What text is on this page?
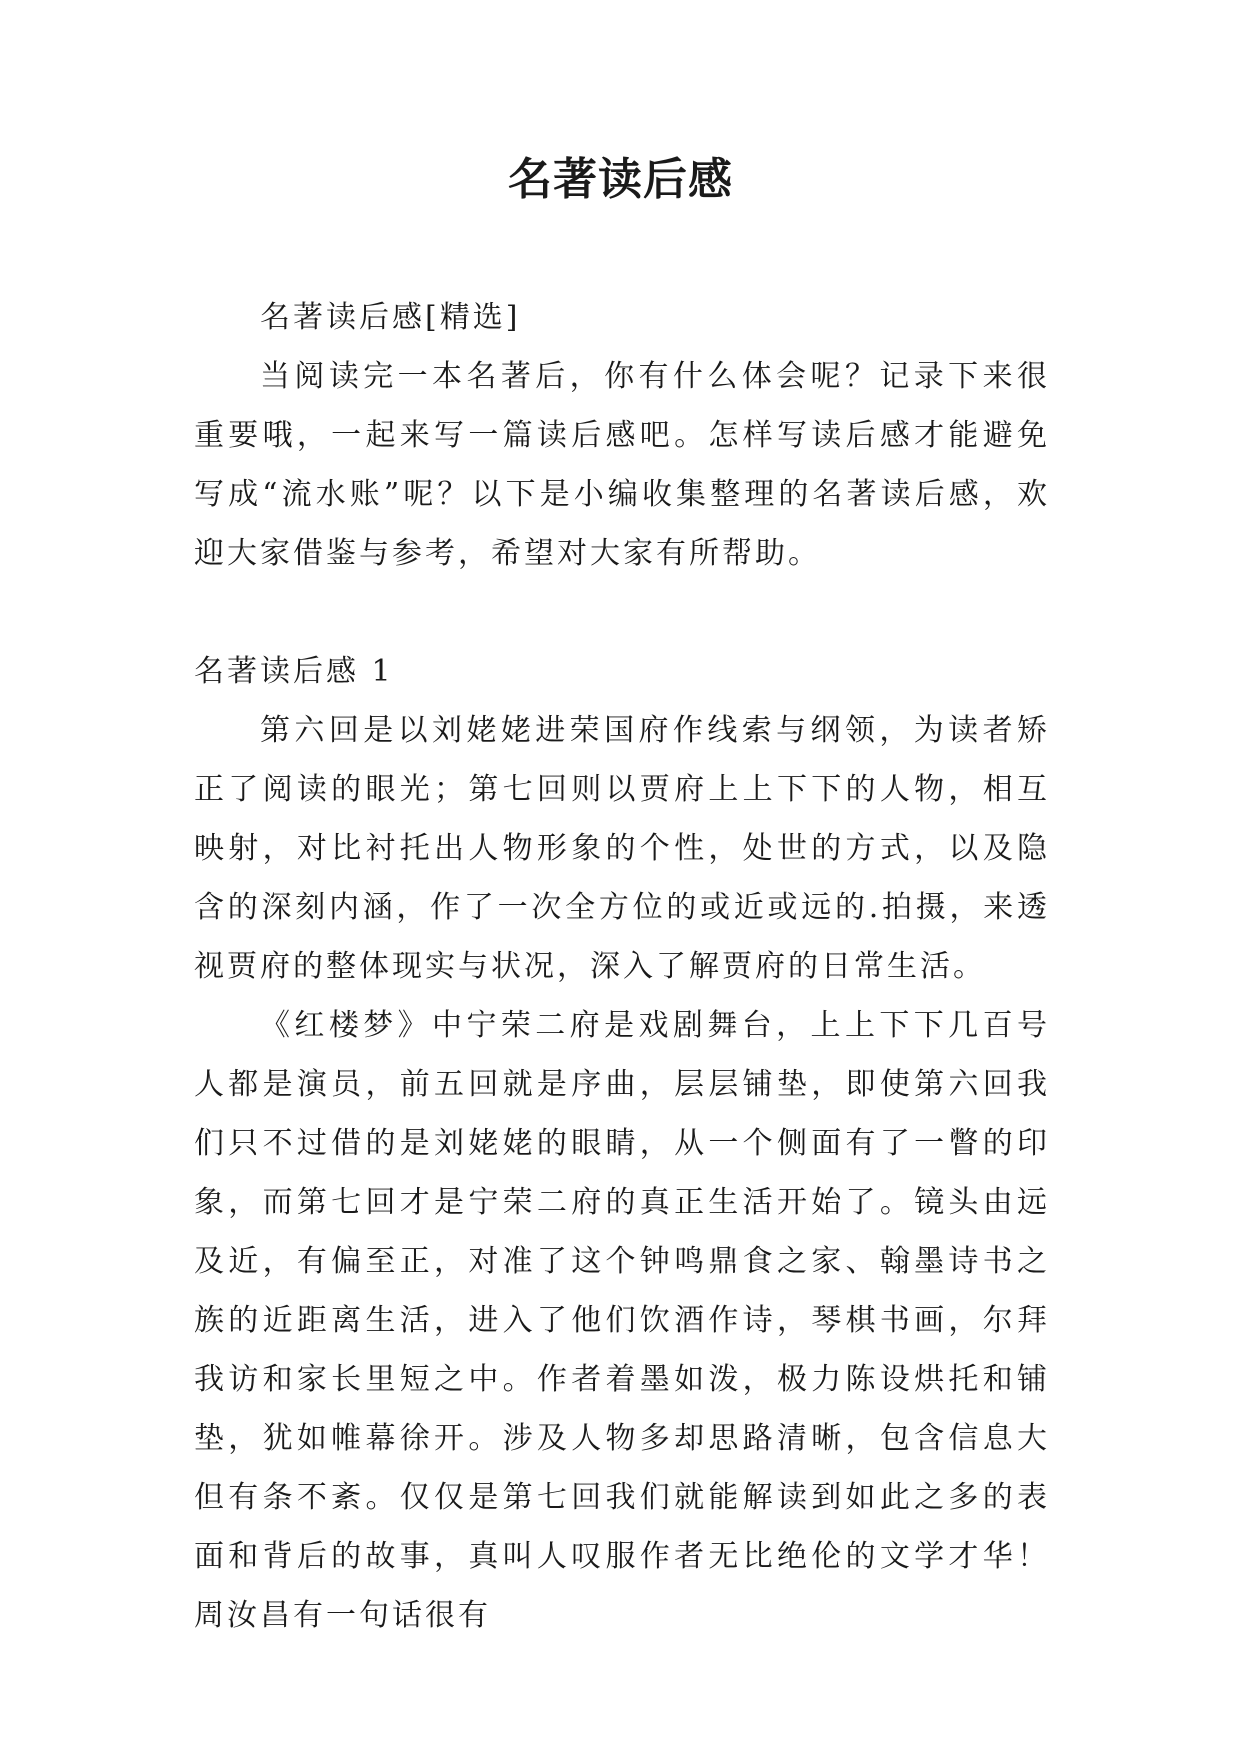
名著读后感

名著读后感[精选]

当阅读完一本名著后，你有什么体会呢？记录下来很重要哦，一起来写一篇读后感吧。怎样写读后感才能避免写成“流水账”呢？以下是小编收集整理的名著读后感，欢迎大家借鉴与参考，希望对大家有所帮助。

名著读后感 1

第六回是以刘姥姥进荣国府作线索与纲领，为读者矫正了阅读的眼光；第七回则以贾府上上下下的人物，相互映射，对比衬托出人物形象的个性，处世的方式，以及隐含的深刻内涵，作了一次全方位的或近或远的.拍摄，来透视贾府的整体现实与状况，深入了解贾府的日常生活。

《红楼梦》中宁荣二府是戏剧舞台，上上下下几百号人都是演员，前五回就是序曲，层层铺垫，即使第六回我们只不过借的是刘姥姥的眼睛，从一个侧面有了一瞥的印象，而第七回才是宁荣二府的真正生活开始了。镜头由远及近，有偏至正，对准了这个钟鸣鼎食之家、翰墨诗书之族的近距离生活，进入了他们饮酒作诗，琴棋书画，尔拜我访和家长里短之中。作者着墨如泼，极力陈设烘托和铺垫，犹如帷幕徐开。涉及人物多却思路清晰，包含信息大但有条不紊。仅仅是第七回我们就能解读到如此之多的表面和背后的故事，真叫人叹服作者无比绝伦的文学才华！周汝昌有一句话很有
